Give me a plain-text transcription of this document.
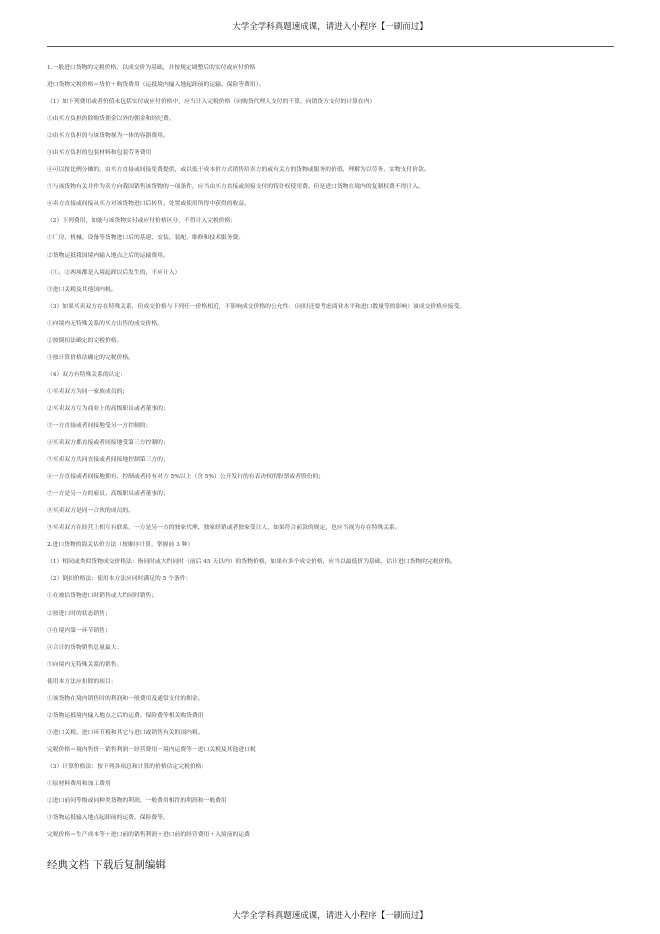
大学全学科真题速成课，请进入小程序【一刷而过】
1.一般进口货物的完税价格，以成交价为基础，并按规定调整后的实付或应付价格
进口货物完税价格＝货价＋购货费用（运抵境内输入地起卸前的运输、保险等费用）。
（1）如下列费用或者价值未包括实付或应付价格中，应当计入完税价格（向购货代理人支付的不算，向销货方支付的计算在内）
①由买方负担的除购货佣金以外的佣金和经纪费。
②由买方负担的与该货物视为一体的容器费用。
③由买方负担的包装材料和包装劳务费用
④可以按比例分摊的，由买方直接或间接免费提供，或以低于成本价方式销售给卖方的或有关方的货物或服务的价值，理解为以劳务、实物支付价款。
⑤与该货物有关并作为卖方向我国销售该货物的一项条件，应当由买方直接或间接支付的特许权使用费。但是进口货物在境内的复制权费不得计入。
⑥卖方直接或间接从买方对该货物进口后转售、处置或使用所得中获得的收益。
（2）下列费用，如能与该货物实付或应付价格区分，不得计入完税价格：
①厂房、机械、设备等货物进口后的基建、安装、装配、维修和技术服务费。
②货物运抵我国境内输入地点之后的运输费用。
（①、②两项都是入境起卸以后发生的，不应计入）
③进口关税及其他国内税。
（3）如果买卖双方存在特殊关系，但成交价格与下列任一价格相近，不影响成交价格的公允性：（同时还要考虑商业水平和进口数量等的影响）该成交价格应接受。
①向境内无特殊关系的买方出售的成交价格。
②按倒扣法确定的完税价格。
③按计算价格法确定的完税价格。
（4）双方有特殊关系的认定：
①买卖双方为同一家族成员的；
②买卖双方互为商业上的高级职员或者董事的；
③一方直接或者间接地受另一方控制的；
④买卖双方都直接或者间接地受第三方控制的；
⑤买卖双方共同直接或者间接地控制第三方的；
⑥一方直接或者间接地拥有、控制或者持有对方 5%以上（含 5%）公开发行的有表决权的股票或者股份的；
⑦一方是另一方的雇员、高级职员或者董事的；
⑧买卖双方是同一合伙的成员的。
⑨买卖双方在经营上相互有联系，一方是另一方的独家代理、独家经销或者独家受让人，如果符合前款的规定，也应当视为存在特殊关系。
2.进口货物的海关估价方法（按顺序计算，掌握前 3 种）
（1）相同或类似货物成交价格法：指同时或大约同时（前后 45 天以内）的货物价格，如果有多个成交价格，应当以最低价为基础，估计进口货物的完税价格。
（2）倒扣价格法：使用本方法应同时满足的 5 个条件：
①在被估货物进口时销售或大约同时销售；
②按进口时的状态销售；
③在境内第一环节销售；
④合计的货物销售总量最大；
⑤向境内无特殊关系的销售。
使用本方法应扣除的项目：
①该货物在境内销售时的利润和一般费用及通常支付的佣金。
②货物运抵境内输入地点之后的运费、保险费等相关购货费用
③进口关税、进口环节税和其它与进口或销售有关的国内税。
完税价格＝境内售价－销售利润－经营费用－境内运费等－进口关税及其他进口税
（3）计算价格法：按下列各项总和计算的价格估定完税价格：
①原材料费用和加工费用
②进口前同等级或同种类货物的利润、一般费用相符的利润和一般费用
③货物运抵输入地点起卸前的运费、保险费等。
完税价格＝生产成本等＋进口前的销售利润＋进口前的经营费用＋入境前的运费
经典文档 下载后复制编辑
大学全学科真题速成课，请进入小程序【一刷而过】
